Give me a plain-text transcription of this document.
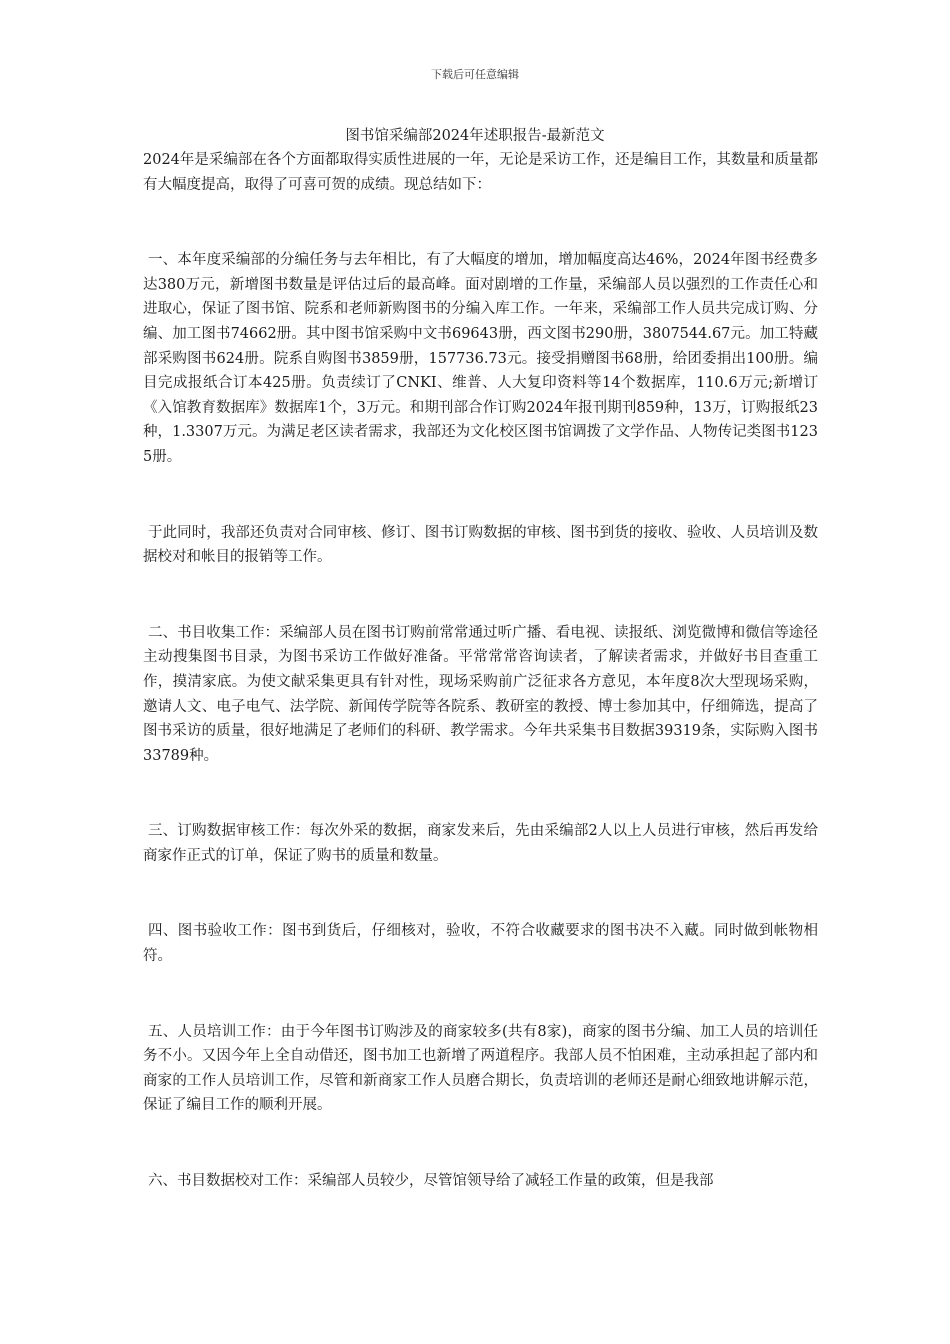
下载后可任意编辑
图书馆采编部2024年述职报告-最新范文

2024年是采编部在各个方面都取得实质性进展的一年，无论是采访工作，还是编目工作，其数量和质量都有大幅度提高，取得了可喜可贺的成绩。现总结如下：

一、本年度采编部的分编任务与去年相比，有了大幅度的增加，增加幅度高达46%，2024年图书经费多达380万元，新增图书数量是评估过后的最高峰。面对剧增的工作量，采编部人员以强烈的工作责任心和进取心，保证了图书馆、院系和老师新购图书的分编入库工作。一年来，采编部工作人员共完成订购、分编、加工图书74662册。其中图书馆采购中文书69643册，西文图书290册，3807544.67元。加工特藏部采购图书624册。院系自购图书3859册，157736.73元。接受捐赠图书68册，给团委捐出100册。编目完成报纸合订本425册。负责续订了CNKI、维普、人大复印资料等14个数据库，110.6万元;新增订《入馆教育数据库》数据库1个，3万元。和期刊部合作订购2024年报刊期刊859种，13万，订购报纸23种，1.3307万元。为满足老区读者需求，我部还为文化校区图书馆调拨了文学作品、人物传记类图书1235册。

于此同时，我部还负责对合同审核、修订、图书订购数据的审核、图书到货的接收、验收、人员培训及数据校对和帐目的报销等工作。

二、书目收集工作：采编部人员在图书订购前常常通过听广播、看电视、读报纸、浏览微博和微信等途径主动搜集图书目录，为图书采访工作做好准备。平常常常咨询读者，了解读者需求，并做好书目查重工作，摸清家底。为使文献采集更具有针对性，现场采购前广泛征求各方意见，本年度8次大型现场采购，邀请人文、电子电气、法学院、新闻传学院等各院系、教研室的教授、博士参加其中，仔细筛选，提高了图书采访的质量，很好地满足了老师们的科研、教学需求。今年共采集书目数据39319条，实际购入图书33789种。

三、订购数据审核工作：每次外采的数据，商家发来后，先由采编部2人以上人员进行审核，然后再发给商家作正式的订单，保证了购书的质量和数量。

四、图书验收工作：图书到货后，仔细核对，验收，不符合收藏要求的图书决不入藏。同时做到帐物相符。

五、人员培训工作：由于今年图书订购涉及的商家较多(共有8家)，商家的图书分编、加工人员的培训任务不小。又因今年上全自动借还，图书加工也新增了两道程序。我部人员不怕困难，主动承担起了部内和商家的工作人员培训工作，尽管和新商家工作人员磨合期长，负责培训的老师还是耐心细致地讲解示范，保证了编目工作的顺利开展。

六、书目数据校对工作：采编部人员较少，尽管馆领导给了减轻工作量的政策，但是我部
